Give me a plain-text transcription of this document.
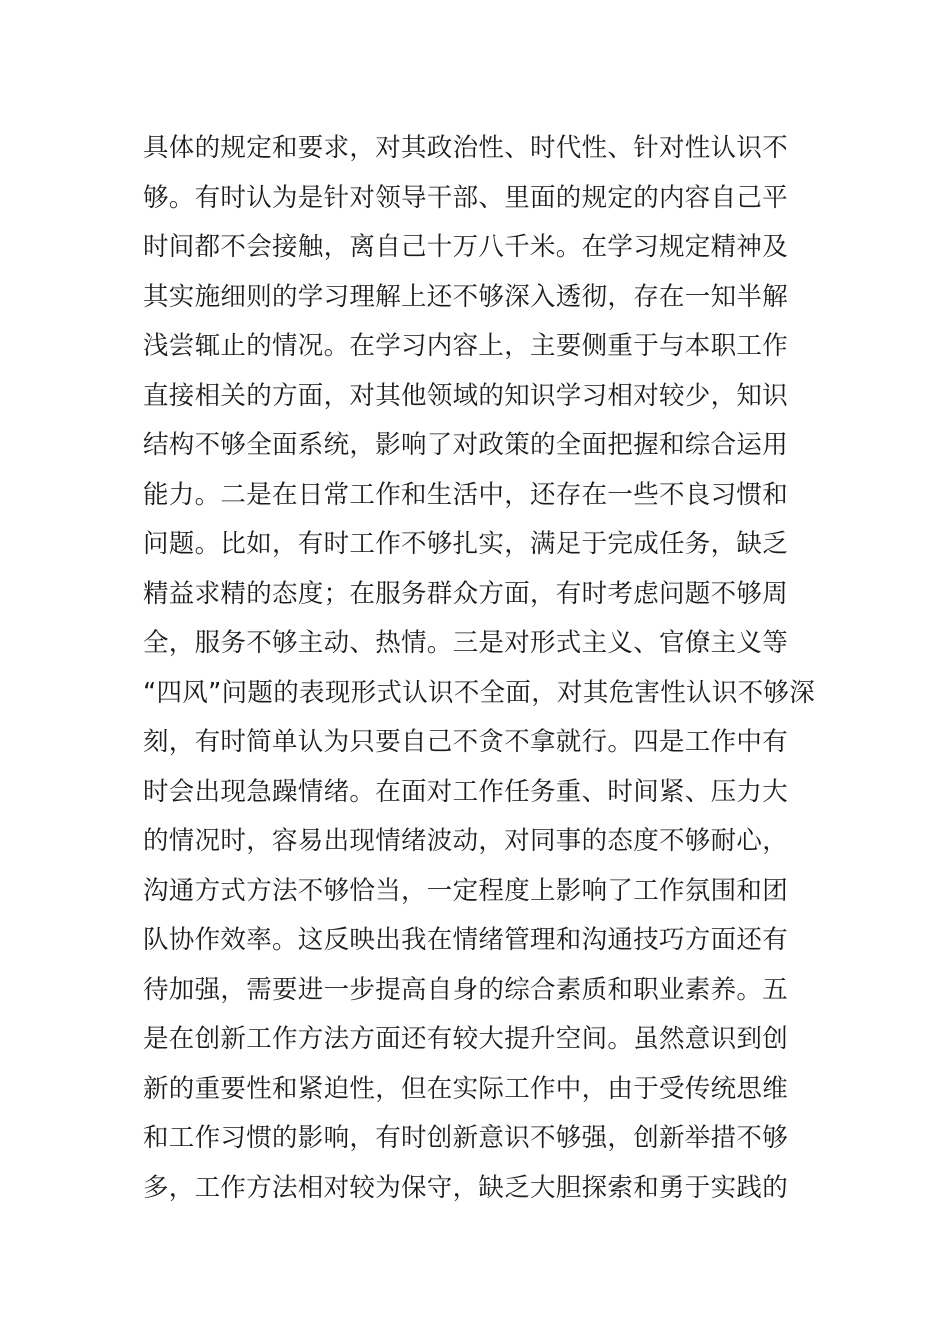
具体的规定和要求，对其政治性、时代性、针对性认识不
够。有时认为是针对领导干部、里面的规定的内容自己平
时间都不会接触，离自己十万八千米。在学习规定精神及
其实施细则的学习理解上还不够深入透彻，存在一知半解
浅尝辄止的情况。在学习内容上，主要侧重于与本职工作
直接相关的方面，对其他领域的知识学习相对较少，知识
结构不够全面系统，影响了对政策的全面把握和综合运用
能力。二是在日常工作和生活中，还存在一些不良习惯和
问题。比如，有时工作不够扎实，满足于完成任务，缺乏
精益求精的态度；在服务群众方面，有时考虑问题不够周
全，服务不够主动、热情。三是对形式主义、官僚主义等
“四风”问题的表现形式认识不全面，对其危害性认识不够深
刻，有时简单认为只要自己不贪不拿就行。四是工作中有
时会出现急躁情绪。在面对工作任务重、时间紧、压力大
的情况时，容易出现情绪波动，对同事的态度不够耐心，
沟通方式方法不够恰当，一定程度上影响了工作氛围和团
队协作效率。这反映出我在情绪管理和沟通技巧方面还有
待加强，需要进一步提高自身的综合素质和职业素养。五
是在创新工作方法方面还有较大提升空间。虽然意识到创
新的重要性和紧迫性，但在实际工作中，由于受传统思维
和工作习惯的影响，有时创新意识不够强，创新举措不够
多，工作方法相对较为保守，缺乏大胆探索和勇于实践的
